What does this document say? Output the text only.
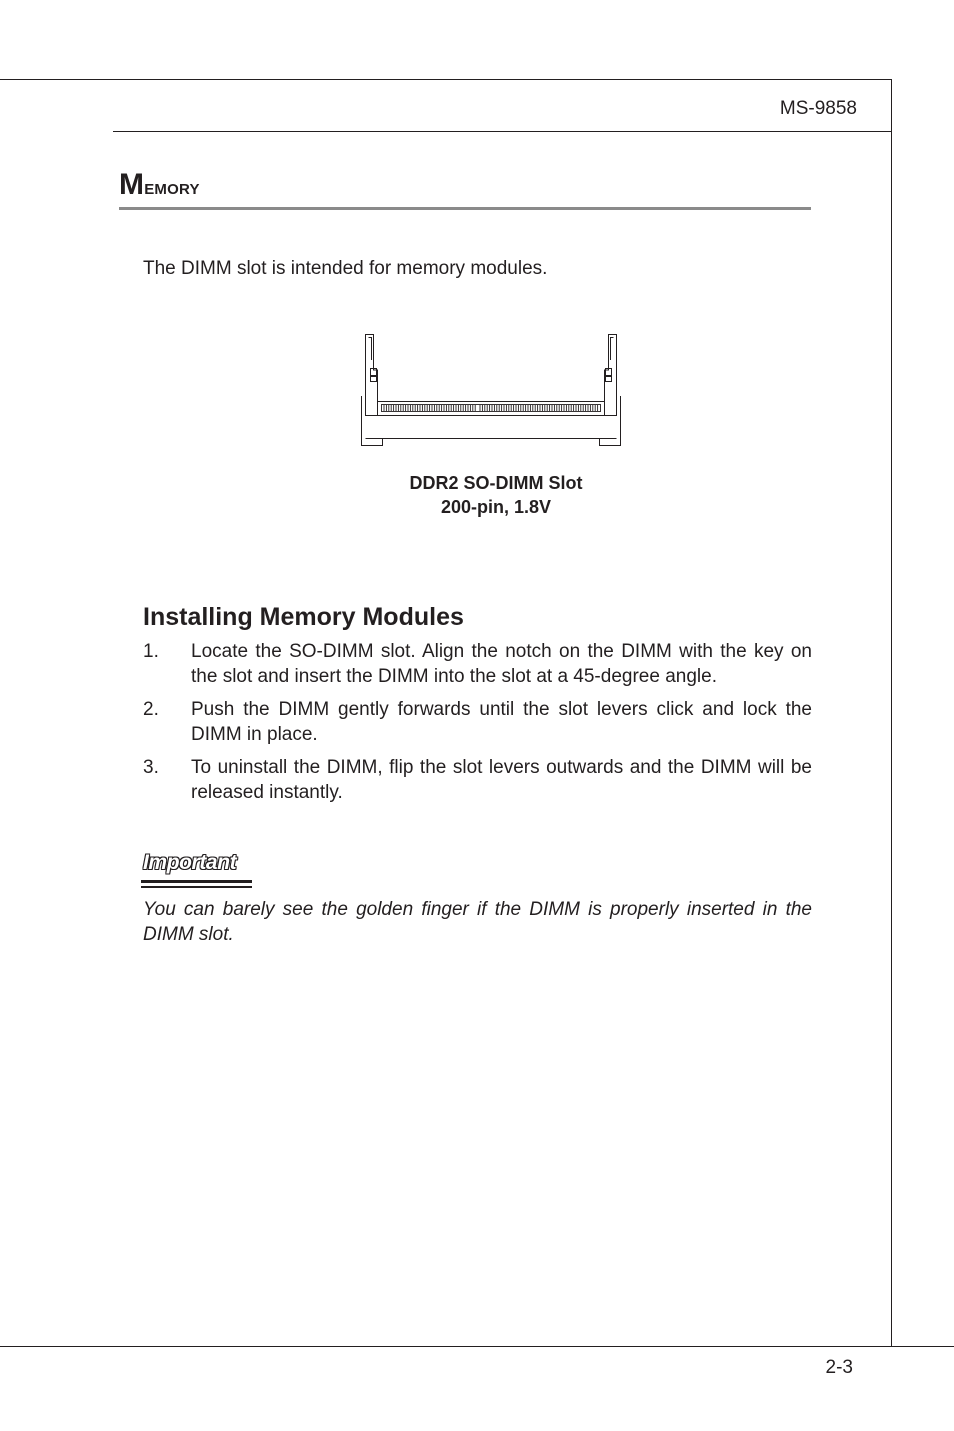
MS-9858
Memory

The DIMM slot is intended for memory modules.

DDR2 SO-DIMM Slot
200-pin, 1.8V
Installing Memory Modules
1. Locate the SO-DIMM slot. Align the notch on the DIMM with the key on the slot and insert the DIMM into the slot at a 45-degree angle.
2. Push the DIMM gently forwards until the slot levers click and lock the DIMM in place.
3. To uninstall the DIMM, flip the slot levers outwards and the DIMM will be released instantly.
Important

You can barely see the golden finger if the DIMM is properly inserted in the DIMM slot.

2-3
